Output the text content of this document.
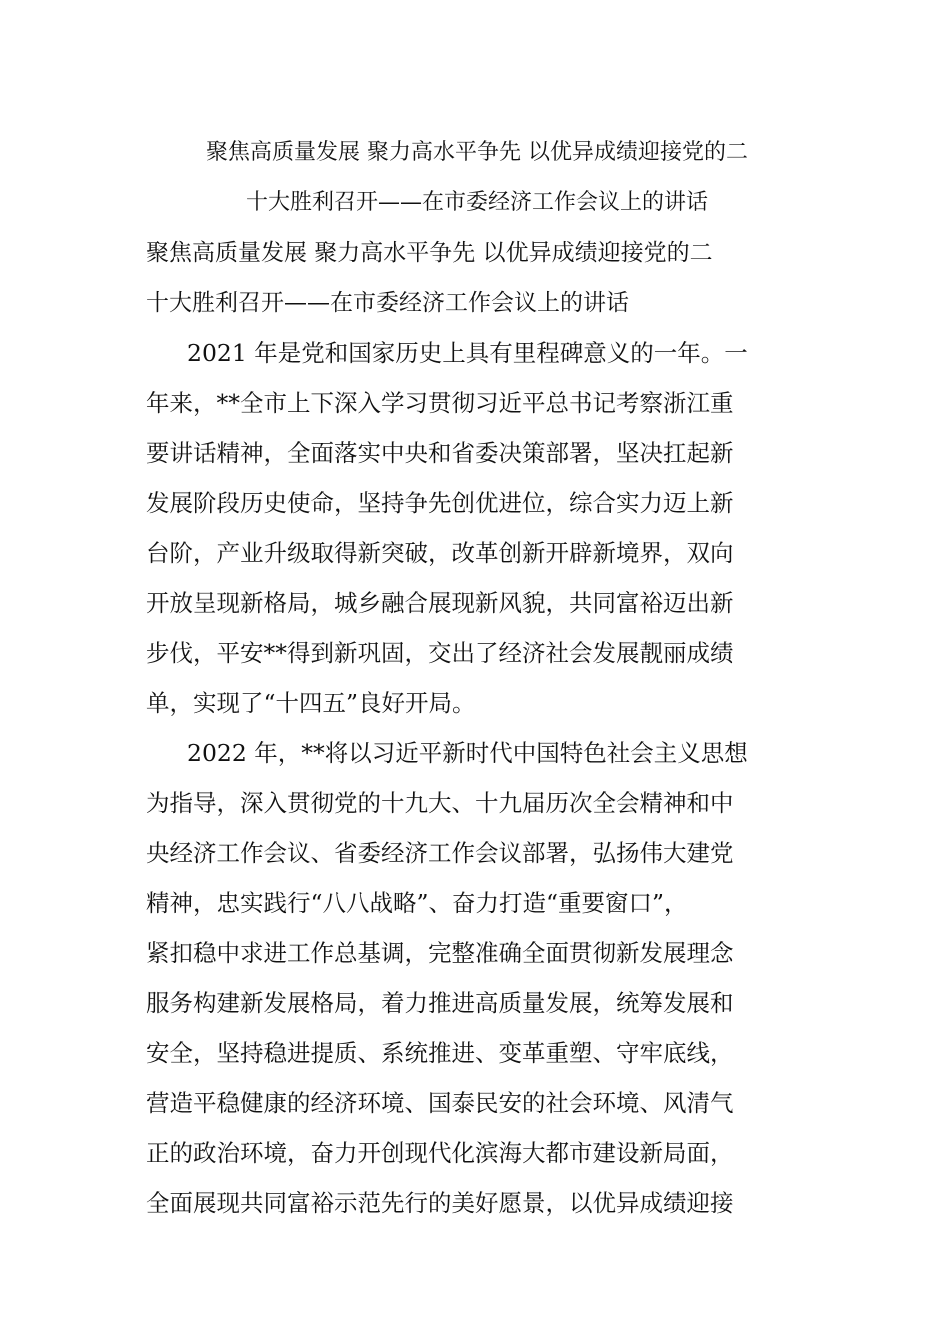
聚焦高质量发展 聚力高水平争先 以优异成绩迎接党的二

十大胜利召开——在市委经济工作会议上的讲话

聚焦高质量发展 聚力高水平争先 以优异成绩迎接党的二

十大胜利召开——在市委经济工作会议上的讲话

2021 年是党和国家历史上具有里程碑意义的一年。一
年来，**全市上下深入学习贯彻习近平总书记考察浙江重
要讲话精神，全面落实中央和省委决策部署，坚决扛起新
发展阶段历史使命，坚持争先创优进位，综合实力迈上新
台阶，产业升级取得新突破，改革创新开辟新境界，双向
开放呈现新格局，城乡融合展现新风貌，共同富裕迈出新
步伐，平安**得到新巩固，交出了经济社会发展靓丽成绩
单，实现了“十四五”良好开局。
2022 年，**将以习近平新时代中国特色社会主义思想
为指导，深入贯彻党的十九大、十九届历次全会精神和中
央经济工作会议、省委经济工作会议部署，弘扬伟大建党
精神，忠实践行“八八战略”、奋力打造“重要窗口”，
紧扣稳中求进工作总基调，完整准确全面贯彻新发展理念
服务构建新发展格局，着力推进高质量发展，统筹发展和
安全，坚持稳进提质、系统推进、变革重塑、守牢底线，
营造平稳健康的经济环境、国泰民安的社会环境、风清气
正的政治环境，奋力开创现代化滨海大都市建设新局面，
全面展现共同富裕示范先行的美好愿景，以优异成绩迎接
